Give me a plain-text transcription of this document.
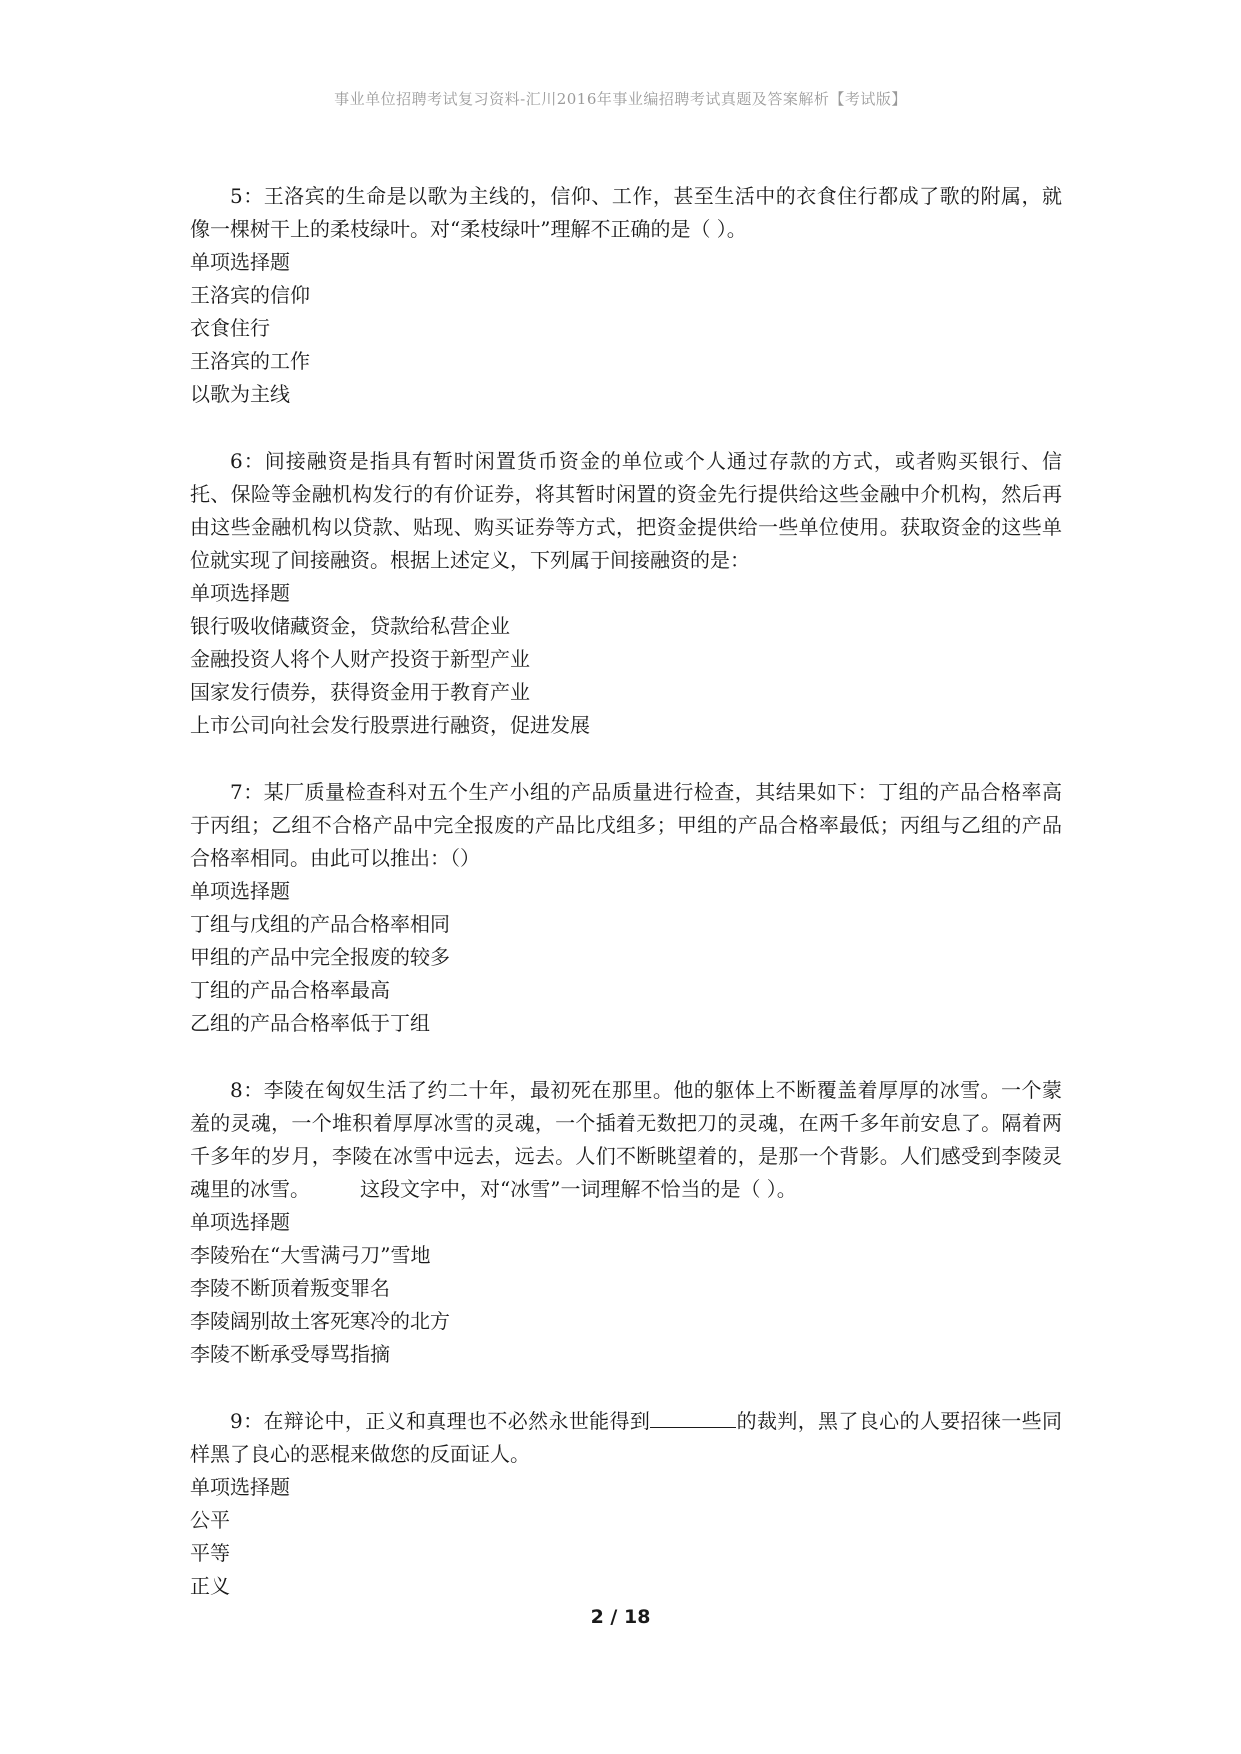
事业单位招聘考试复习资料-汇川2016年事业编招聘考试真题及答案解析【考试版】

5：王洛宾的生命是以歌为主线的，信仰、工作，甚至生活中的衣食住行都成了歌的附属，就像一棵树干上的柔枝绿叶。对“柔枝绿叶”理解不正确的是（ ）。

单项选择题

王洛宾的信仰

衣食住行

王洛宾的工作

以歌为主线

6：间接融资是指具有暂时闲置货币资金的单位或个人通过存款的方式，或者购买银行、信托、保险等金融机构发行的有价证券，将其暂时闲置的资金先行提供给这些金融中介机构，然后再由这些金融机构以贷款、贴现、购买证券等方式，把资金提供给一些单位使用。获取资金的这些单位就实现了间接融资。根据上述定义，下列属于间接融资的是：

单项选择题

银行吸收储藏资金，贷款给私营企业

金融投资人将个人财产投资于新型产业

国家发行债券，获得资金用于教育产业

上市公司向社会发行股票进行融资，促进发展

7：某厂质量检查科对五个生产小组的产品质量进行检查，其结果如下：丁组的产品合格率高于丙组；乙组不合格产品中完全报废的产品比戊组多；甲组的产品合格率最低；丙组与乙组的产品合格率相同。由此可以推出：（）

单项选择题

丁组与戊组的产品合格率相同

甲组的产品中完全报废的较多

丁组的产品合格率最高

乙组的产品合格率低于丁组

8：李陵在匈奴生活了约二十年，最初死在那里。他的躯体上不断覆盖着厚厚的冰雪。一个蒙羞的灵魂，一个堆积着厚厚冰雪的灵魂，一个插着无数把刀的灵魂，在两千多年前安息了。隔着两千多年的岁月，李陵在冰雪中远去，远去。人们不断眺望着的，是那一个背影。人们感受到李陵灵魂里的冰雪。	这段文字中，对“冰雪”一词理解不恰当的是（ ）。

单项选择题

李陵殆在“大雪满弓刀”雪地

李陵不断顶着叛变罪名

李陵阔别故土客死寒冷的北方

李陵不断承受辱骂指摘

9：在辩论中，正义和真理也不必然永世能得到	的裁判，黑了良心的人要招徕一些同样黑了良心的恶棍来做您的反面证人。

单项选择题

公平

平等

正义

2 / 18
